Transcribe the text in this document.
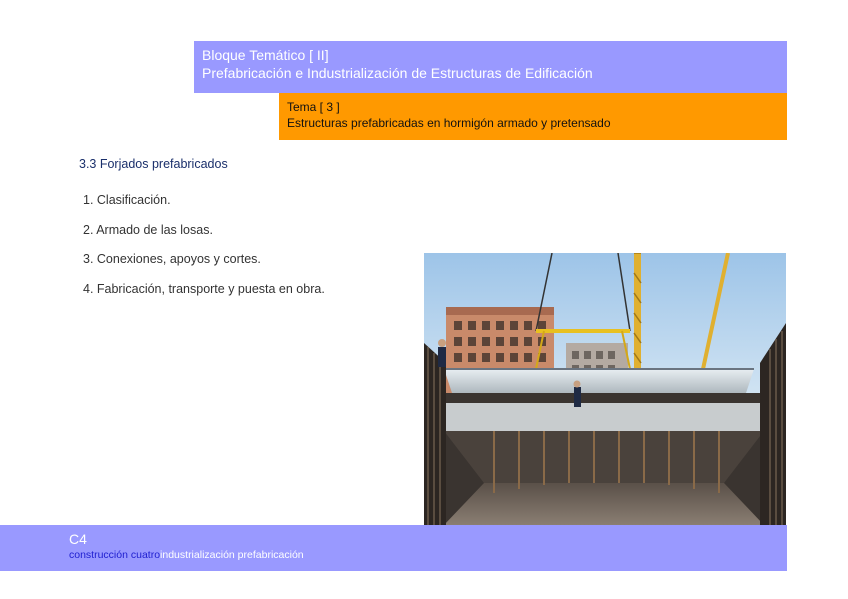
Bloque Temático [ II]
Prefabricación e Industrialización de Estructuras de Edificación
Tema [ 3 ]
Estructuras prefabricadas en hormigón armado y pretensado
3.3 Forjados prefabricados
1. Clasificación.
2. Armado de las losas.
3. Conexiones, apoyos y cortes.
4. Fabricación, transporte y puesta en obra.
C4
construcción cuatroindustrialización prefabricación
